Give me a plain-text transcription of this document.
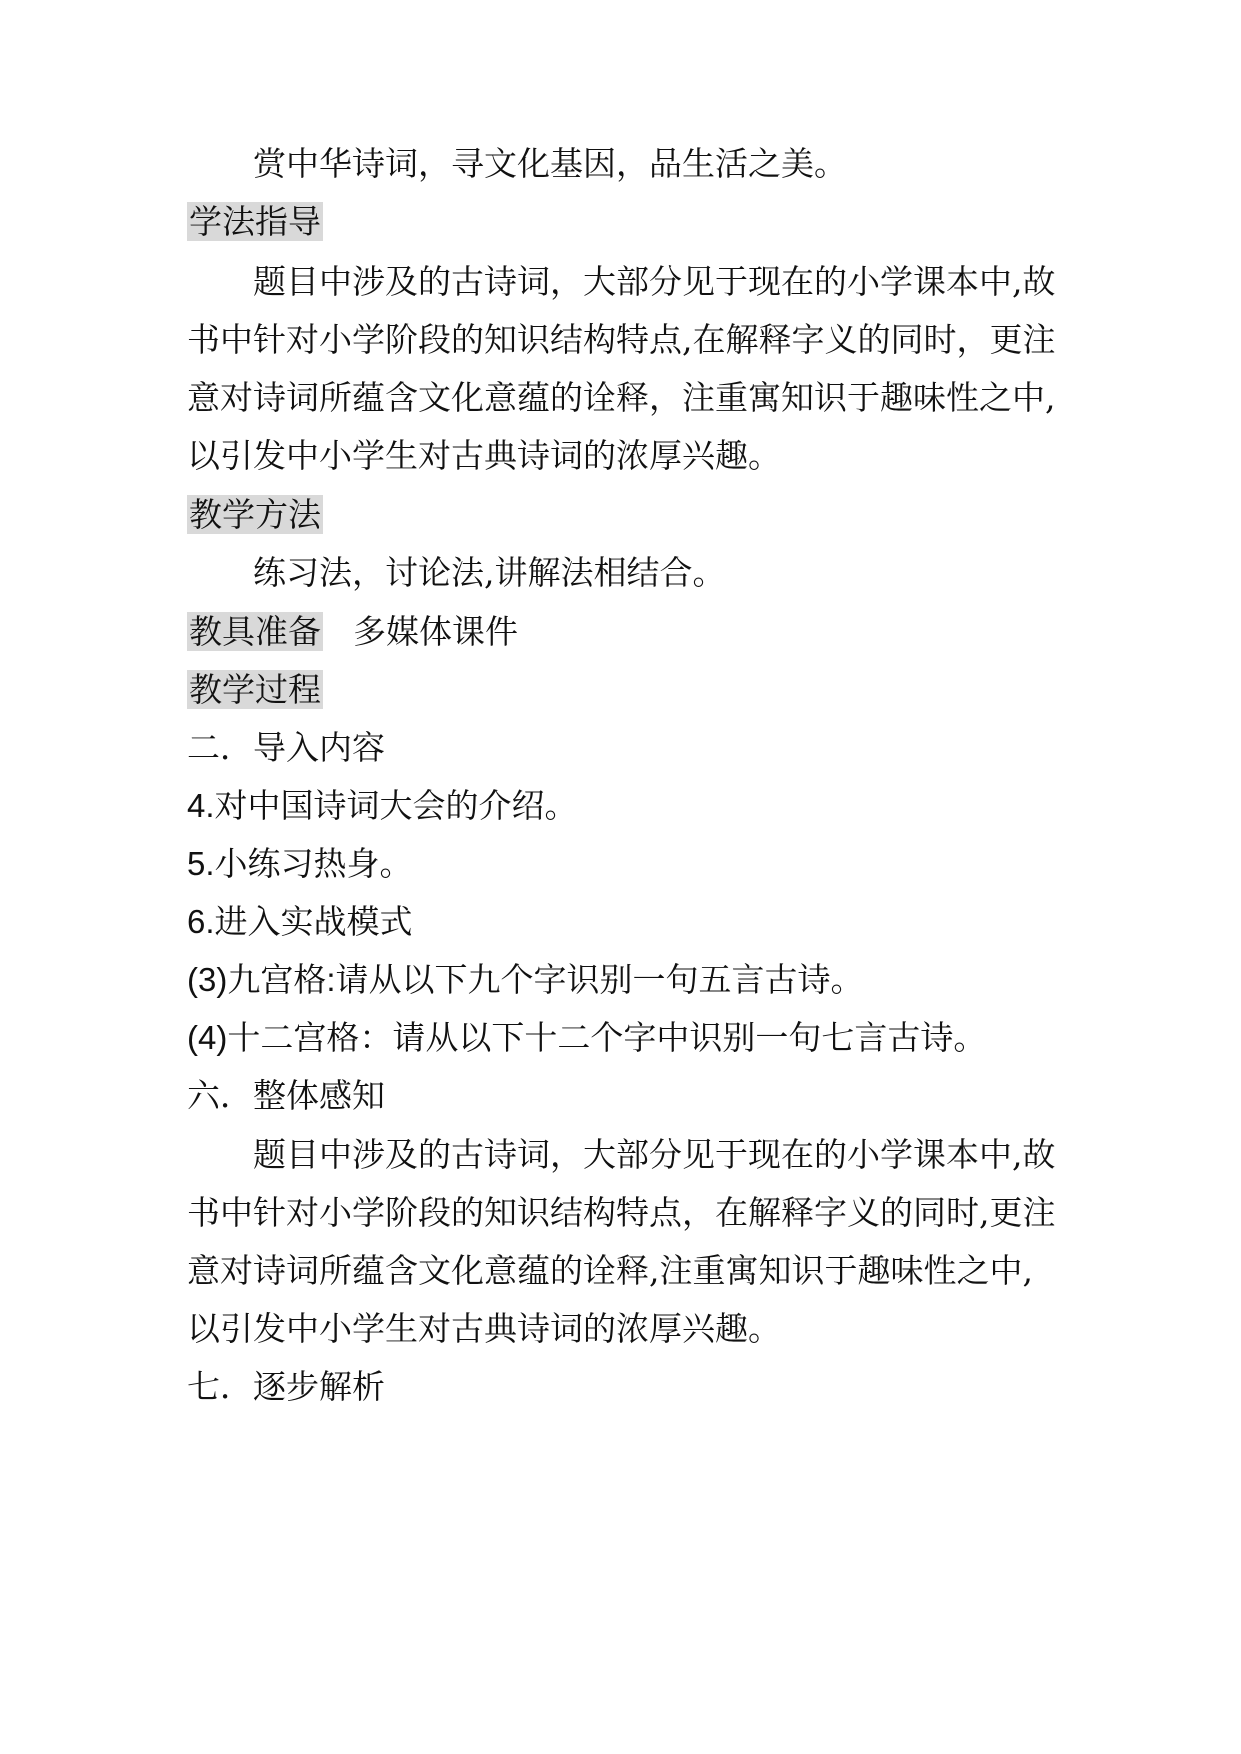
赏中华诗词，寻文化基因，品生活之美。

学法指导

题目中涉及的古诗词，大部分见于现在的小学课本中,故

书中针对小学阶段的知识结构特点,在解释字义的同时，更注

意对诗词所蕴含文化意蕴的诠释，注重寓知识于趣味性之中,

以引发中小学生对古典诗词的浓厚兴趣。

教学方法

练习法，讨论法,讲解法相结合。

教具准备 多媒体课件

教学过程

二．导入内容

4.对中国诗词大会的介绍。

5.小练习热身。

6.进入实战模式

(3)九宫格:请从以下九个字识别一句五言古诗。

(4)十二宫格：请从以下十二个字中识别一句七言古诗。

六．整体感知

题目中涉及的古诗词，大部分见于现在的小学课本中,故

书中针对小学阶段的知识结构特点，在解释字义的同时,更注

意对诗词所蕴含文化意蕴的诠释,注重寓知识于趣味性之中,

以引发中小学生对古典诗词的浓厚兴趣。

七．逐步解析
